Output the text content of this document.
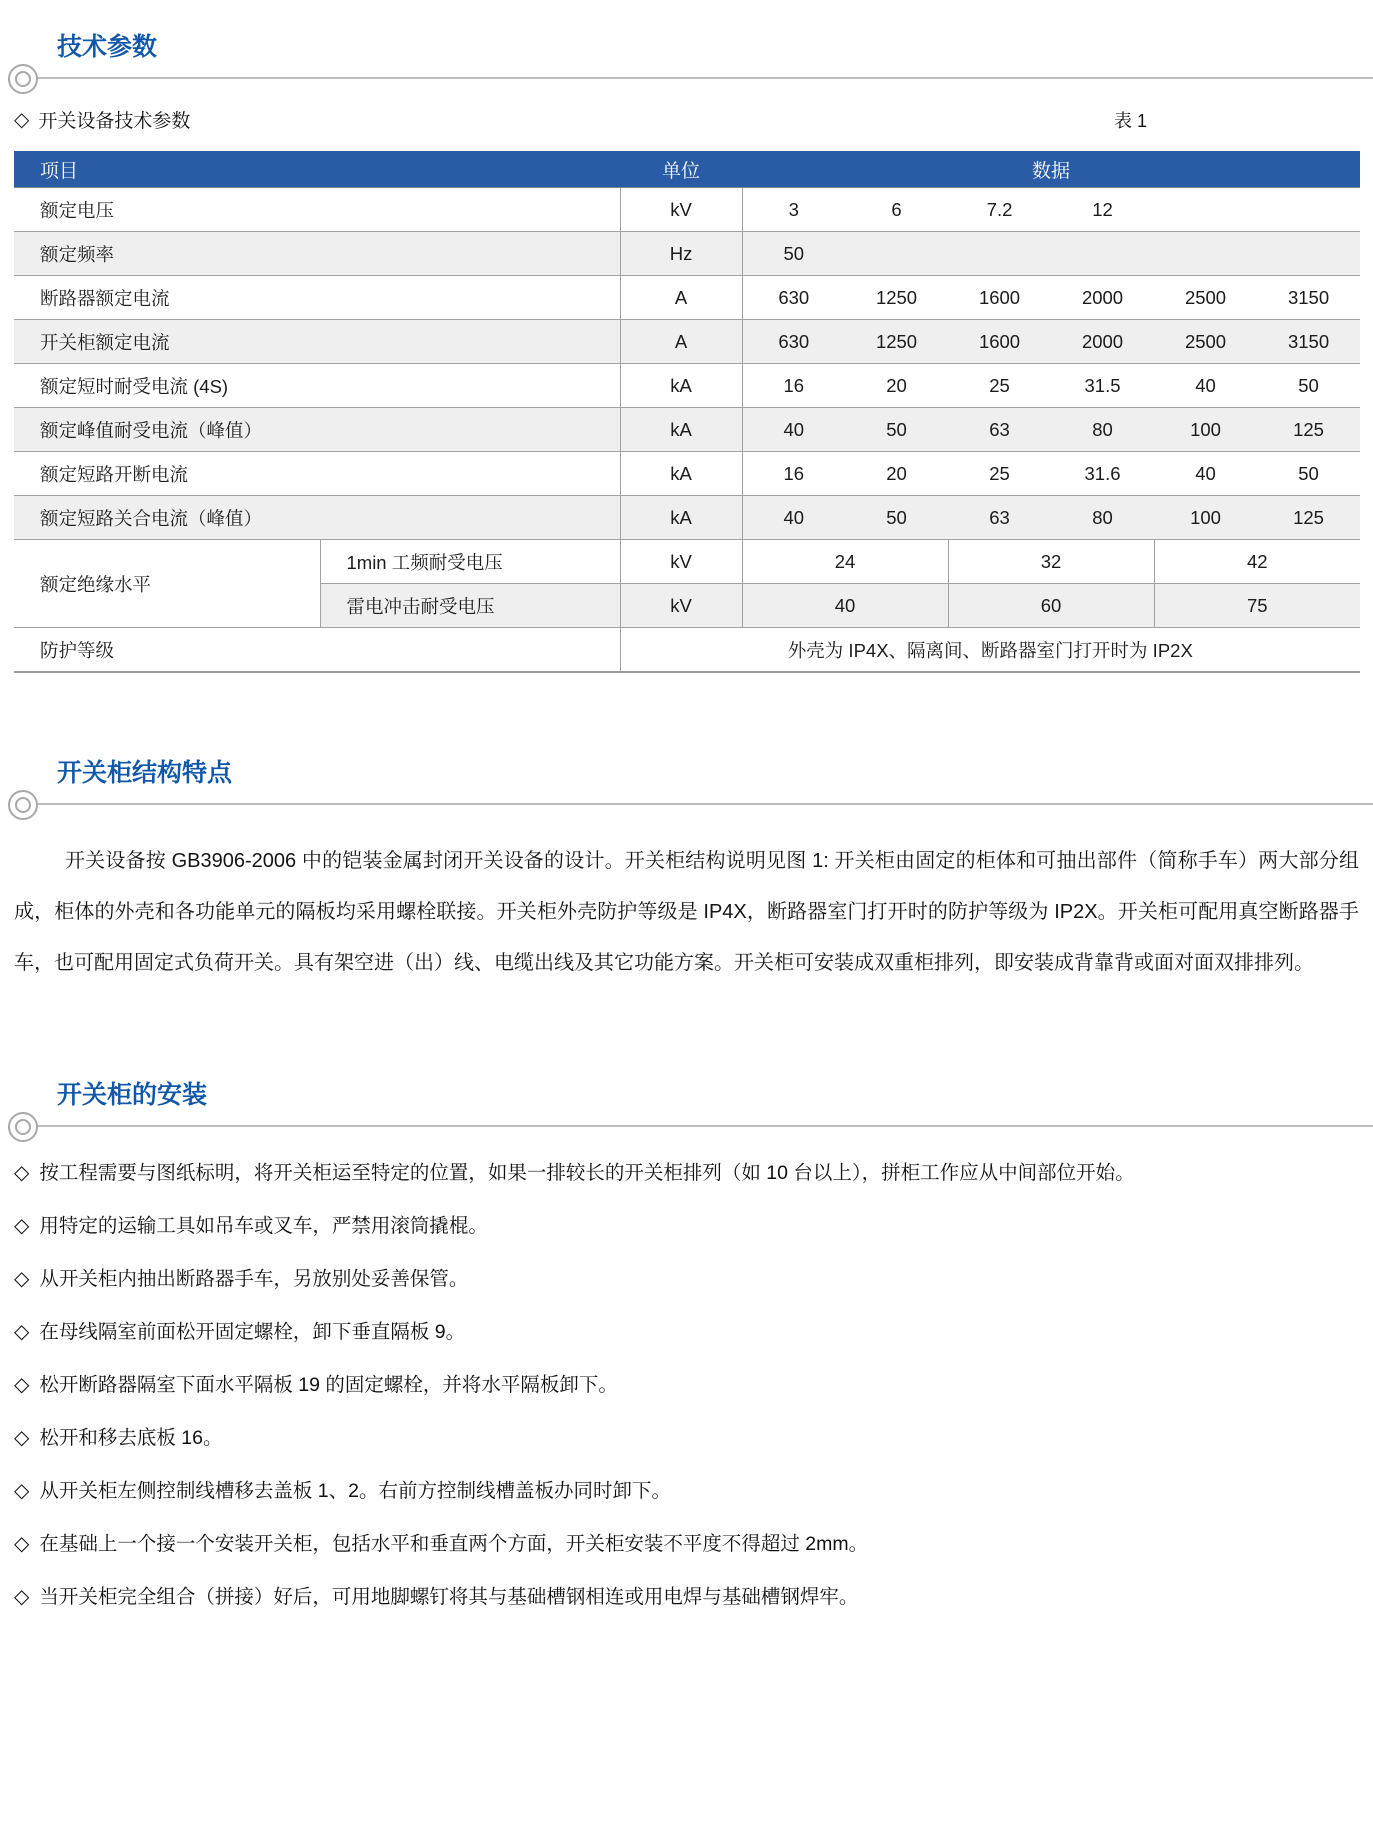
技术参数
◇ 开关设备技术参数	表 1
项目		单位	数据					
额定电压		kV	3	6	7.2	12		
额定频率		Hz	50					
断路器额定电流		A	630	1250	1600	2000	2500	3150
开关柜额定电流		A	630	1250	1600	2000	2500	3150
额定短时耐受电流 (4S)		kA	16	20	25	31.5	40	50
额定峰值耐受电流（峰值）		kA	40	50	63	80	100	125
额定短路开断电流		kA	16	20	25	31.6	40	50
额定短路关合电流（峰值）		kA	40	50	63	80	100	125
额定绝缘水平	1min 工频耐受电压	kV	24		32		42	
	雷电冲击耐受电压	kV	40		60		75	
防护等级		外壳为 IP4X、隔离间、断路器室门打开时为 IP2X						
开关柜结构特点

开关设备按 GB3906-2006 中的铠装金属封闭开关设备的设计。开关柜结构说明见图 1: 开关柜由固定的柜体和可抽出部件（简称手车）两大部分组成，柜体的外壳和各功能单元的隔板均采用螺栓联接。开关柜外壳防护等级是 IP4X，断路器室门打开时的防护等级为 IP2X。开关柜可配用真空断路器手车，也可配用固定式负荷开关。具有架空进（出）线、电缆出线及其它功能方案。开关柜可安装成双重柜排列，即安装成背靠背或面对面双排排列。

开关柜的安装
◇ 按工程需要与图纸标明，将开关柜运至特定的位置，如果一排较长的开关柜排列（如 10 台以上），拼柜工作应从中间部位开始。
◇ 用特定的运输工具如吊车或叉车，严禁用滚筒撬棍。
◇ 从开关柜内抽出断路器手车，另放别处妥善保管。
◇ 在母线隔室前面松开固定螺栓，卸下垂直隔板 9。
◇ 松开断路器隔室下面水平隔板 19 的固定螺栓，并将水平隔板卸下。
◇ 松开和移去底板 16。
◇ 从开关柜左侧控制线槽移去盖板 1、2。右前方控制线槽盖板办同时卸下。
◇ 在基础上一个接一个安装开关柜，包括水平和垂直两个方面，开关柜安装不平度不得超过 2mm。
◇ 当开关柜完全组合（拼接）好后，可用地脚螺钉将其与基础槽钢相连或用电焊与基础槽钢焊牢。
